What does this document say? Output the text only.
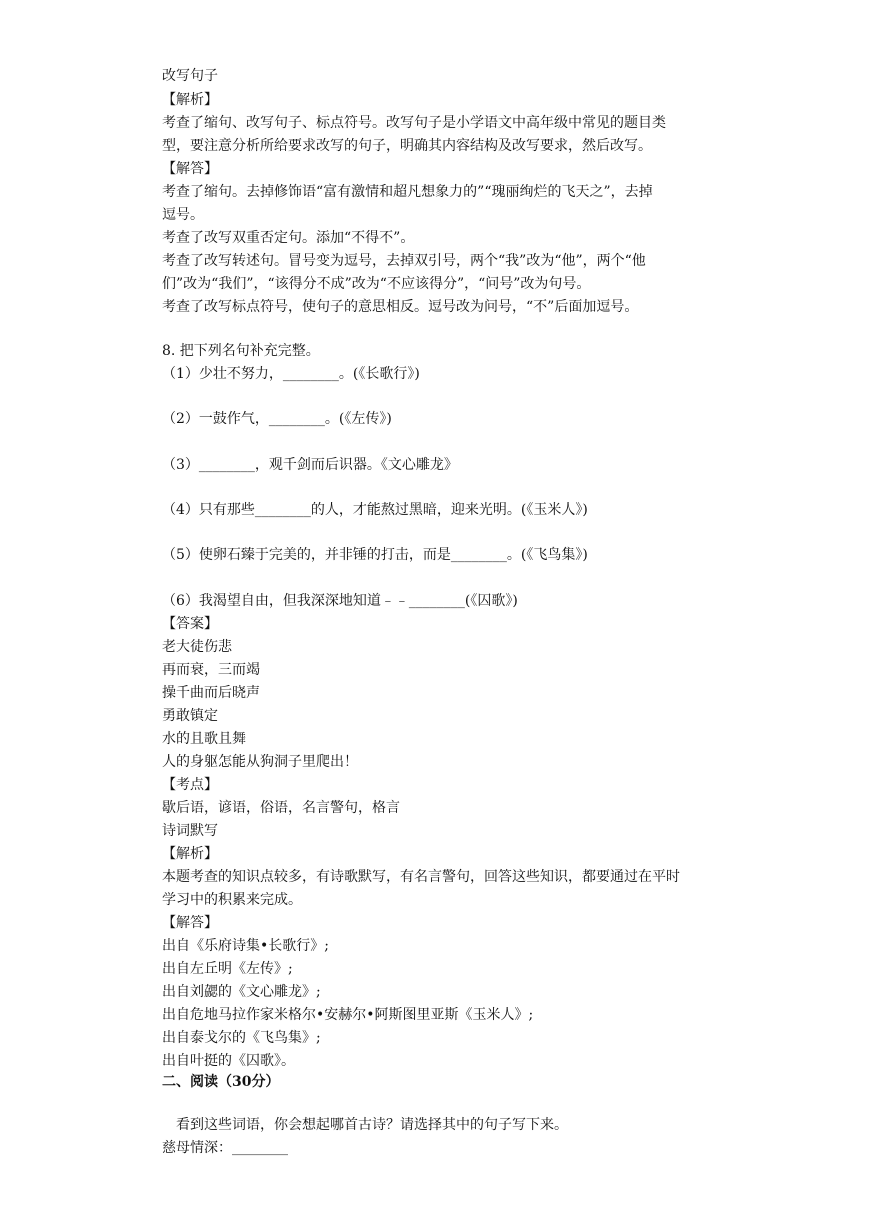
改写句子
【解析】
考查了缩句、改写句子、标点符号。改写句子是小学语文中高年级中常见的题目类
型，要注意分析所给要求改写的句子，明确其内容结构及改写要求，然后改写。
【解答】
考查了缩句。去掉修饰语“富有激情和超凡想象力的”“瑰丽绚烂的飞天之”，去掉
逗号。
考查了改写双重否定句。添加“不得不”。
考查了改写转述句。冒号变为逗号，去掉双引号，两个“我”改为“他”，两个“他
们”改为“我们”，“该得分不成”改为“不应该得分”，“问号”改为句号。
考查了改写标点符号，使句子的意思相反。逗号改为问号，“不”后面加逗号。
8. 把下列名句补充完整。
（1）少壮不努力，________。(《长歌行》)
（2）一鼓作气，________。(《左传》)
（3）________，观千剑而后识器。《文心雕龙》
（4）只有那些________的人，才能熬过黑暗，迎来光明。(《玉米人》)
（5）使卵石臻于完美的，并非锤的打击，而是________。(《飞鸟集》)
（6）我渴望自由，但我深深地知道﹣﹣________(《囚歌》)
【答案】
老大徒伤悲
再而衰，三而竭
操千曲而后晓声
勇敢镇定
水的且歌且舞
人的身躯怎能从狗洞子里爬出！
【考点】
歇后语，谚语，俗语，名言警句，格言
诗词默写
【解析】
本题考查的知识点较多，有诗歌默写，有名言警句，回答这些知识，都要通过在平时
学习中的积累来完成。
【解答】
出自《乐府诗集•长歌行》;
出自左丘明《左传》;
出自刘勰的《文心雕龙》;
出自危地马拉作家米格尔•安赫尔•阿斯图里亚斯《玉米人》;
出自泰戈尔的《飞鸟集》;
出自叶挺的《囚歌》。
二、阅读（30分）
看到这些词语，你会想起哪首古诗？请选择其中的句子写下来。
慈母情深：________
